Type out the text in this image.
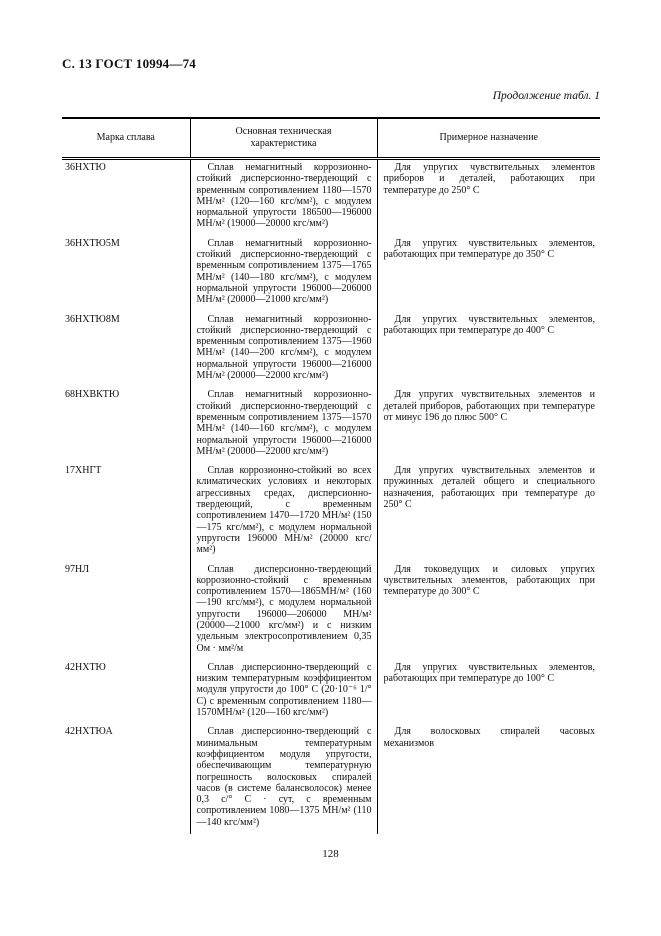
С. 13 ГОСТ 10994—74
Продолжение табл. 1
Марка сплава	Основная техническая характеристика	Примерное назначение
36НХТЮ	Сплав немагнитный коррозионно-стойкий дисперсионно-твердеющий с временным сопротивлением 1180—1570 МН/м² (120—160 кгс/мм²), с модулем нормальной упругости 186500—196000 МН/м² (19000—20000 кгс/мм²)	Для упругих чувствительных элементов приборов и деталей, работающих при температуре до 250° С

36НХТЮ5М	Сплав немагнитный коррозионно-стойкий дисперсионно-твердеющий с временным сопротивлением 1375—1765 МН/м² (140—180 кгс/мм²), с модулем нормальной упругости 196000—206000 МН/м² (20000—21000 кгс/мм²)	Для упругих чувствительных элементов, работающих при температуре до 350° С

36НХТЮ8М	Сплав немагнитный коррозионно-стойкий дисперсионно-твердеющий с временным сопротивлением 1375—1960 МН/м² (140—200 кгс/мм²), с модулем нормальной упругости 196000—216000 МН/м² (20000—22000 кгс/мм²)	Для упругих чувствительных элементов, работающих при температуре до 400° С

68НХВКТЮ	Сплав немагнитный коррозионно-стойкий дисперсионно-твердеющий с временным сопротивлением 1375—1570 МН/м² (140—160 кгс/мм²), с модулем нормальной упругости 196000—216000 МН/м² (20000—22000 кгс/мм²)	Для упругих чувствительных элементов и деталей приборов, работающих при температуре от минус 196 до плюс 500° С

17ХНГТ	Сплав коррозионно-стойкий во всех климатических условиях и некоторых агрессивных средах, дисперсионно-твердеющий, с временным сопротивлением 1470—1720 МН/м² (150—175 кгс/мм²), с модулем нормальной упругости 196000 МН/м² (20000 кгс/мм²)	Для упругих чувствительных элементов и пружинных деталей общего и специального назначения, работающих при температуре до 250° С

97НЛ	Сплав дисперсионно-твердеющий коррозионно-стойкий с временным сопротивлением 1570—1865МН/м² (160—190 кгс/мм²), с модулем нормальной упругости 196000—206000 МН/м² (20000—21000 кгс/мм²) и с низким удельным электросопротивлением 0,35 Ом · мм²/м	Для токоведущих и силовых упругих чувствительных элементов, работающих при температуре до 300° С

42НХТЮ	Сплав дисперсионно-твердеющий с низким температурным коэффициентом модуля упругости до 100° С (20·10⁻⁶ 1/° С) с временным сопротивлением 1180—1570МН/м² (120—160 кгс/мм²)	Для упругих чувствительных элементов, работающих при температуре до 100° С

42НХТЮА	Сплав дисперсионно-твердеющий с минимальным температурным коэффициентом модуля упругости, обеспечивающим температурную погрешность волосковых спиралей часов (в системе балансволосок) менее 0,3 с/° С · сут, с временным сопротивлением 1080—1375 МН/м² (110—140 кгс/мм²)	Для волосковых спиралей часовых механизмов
128
